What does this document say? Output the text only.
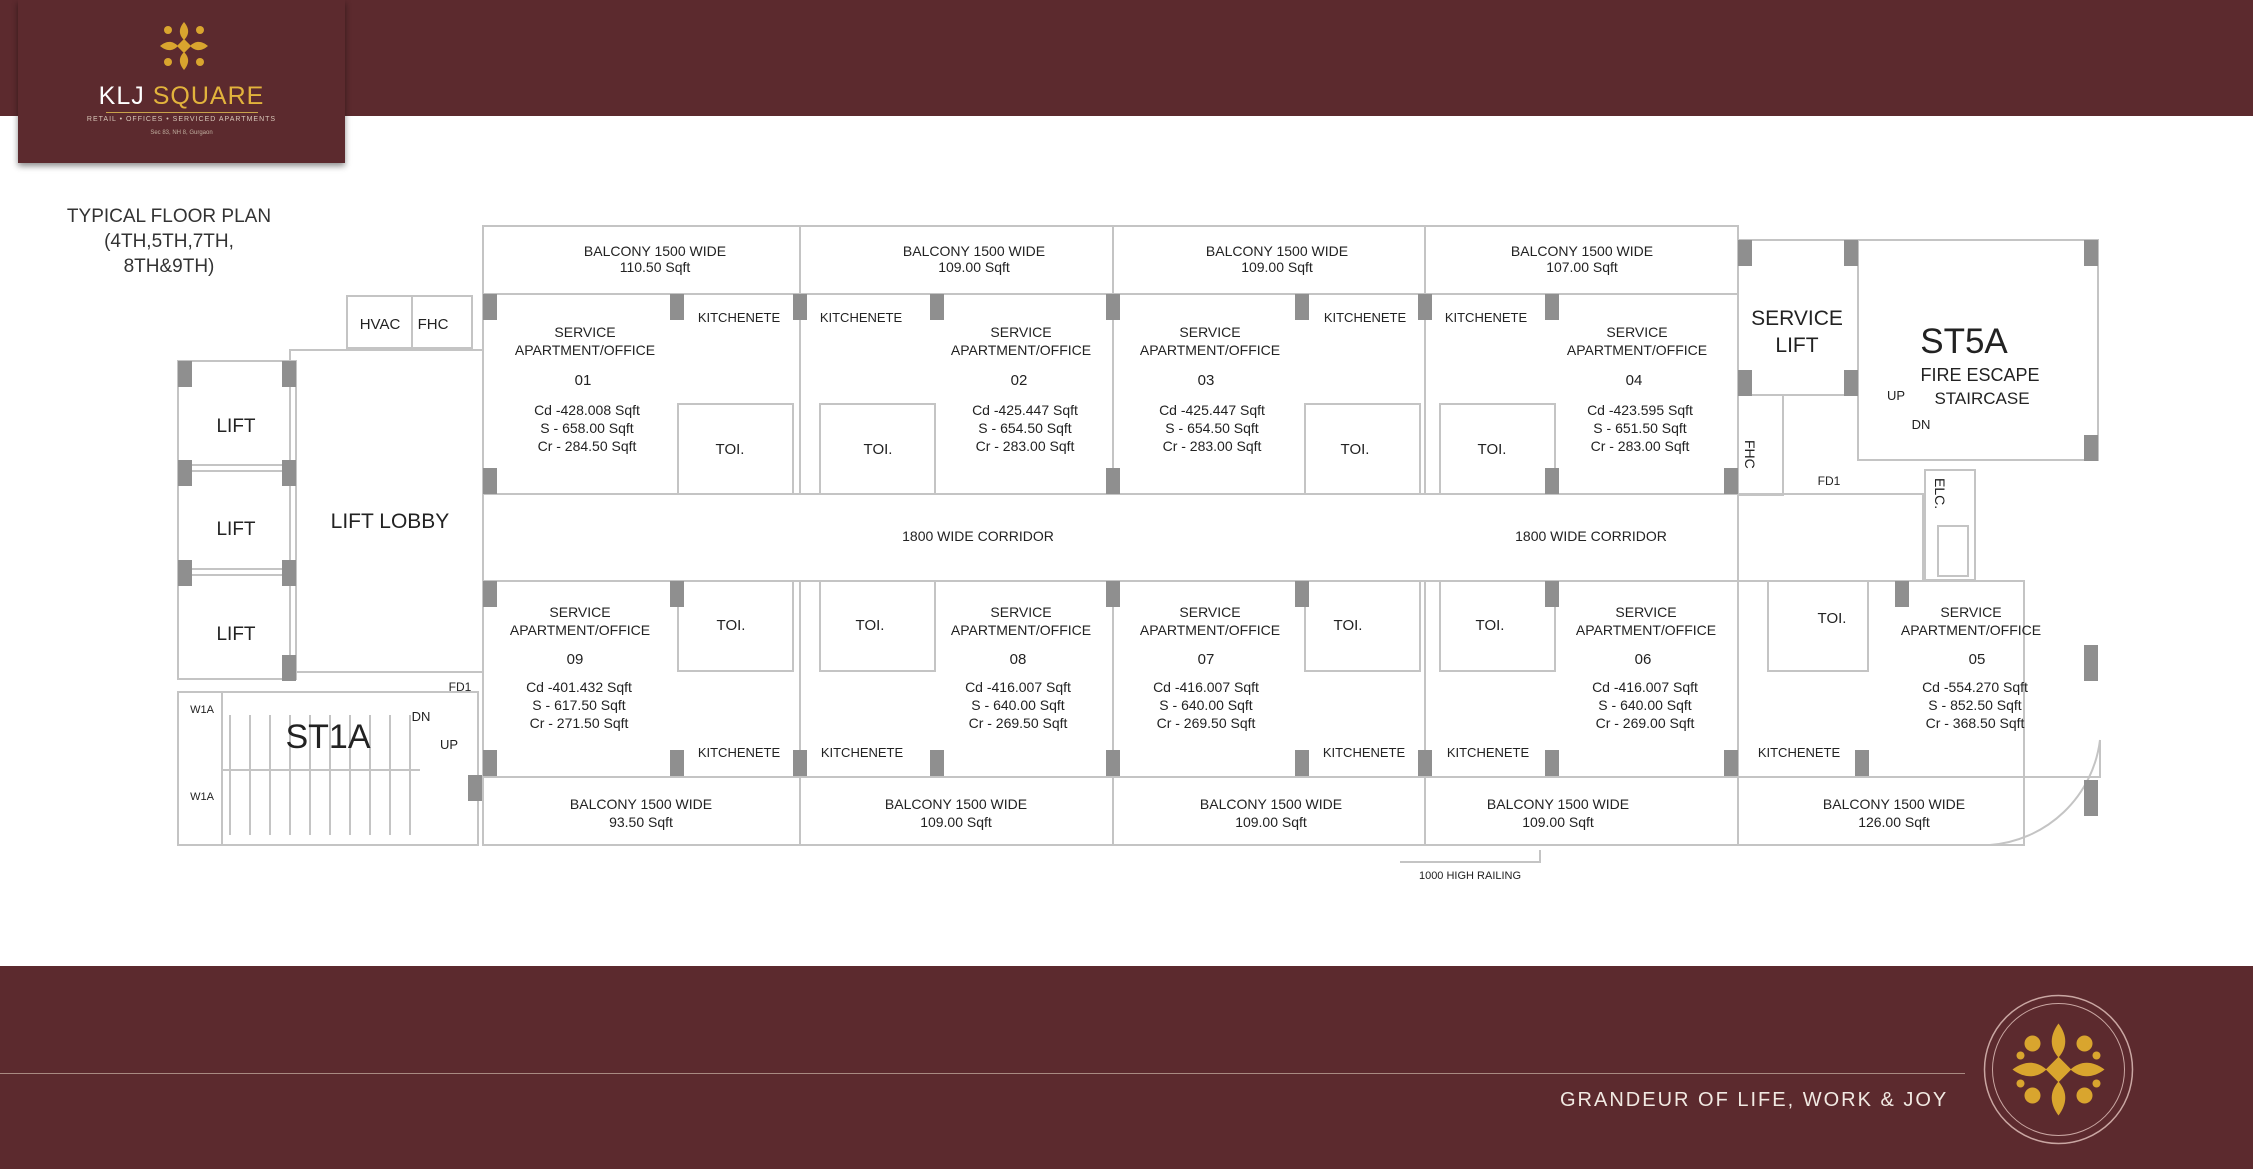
KLJ SQUARE
RETAIL • OFFICES • SERVICED APARTMENTS
Sec 83, NH 8, Gurgaon
TYPICAL FLOOR PLAN
(4TH,5TH,7TH, 8TH&9TH)
BALCONY 1500 WIDE
110.50 Sqft
BALCONY 1500 WIDE
109.00 Sqft
BALCONY 1500 WIDE
109.00 Sqft
BALCONY 1500 WIDE
107.00 Sqft
BALCONY 1500 WIDE
93.50 Sqft
BALCONY 1500 WIDE
109.00 Sqft
BALCONY 1500 WIDE
109.00 Sqft
BALCONY 1500 WIDE
109.00 Sqft
BALCONY 1500 WIDE
126.00 Sqft
SERVICE
APARTMENT/OFFICE
01
Cd -428.008 Sqft
S - 658.00 Sqft
Cr - 284.50 Sqft
SERVICE
APARTMENT/OFFICE
02
Cd -425.447 Sqft
S - 654.50 Sqft
Cr - 283.00 Sqft
SERVICE
APARTMENT/OFFICE
03
Cd -425.447 Sqft
S - 654.50 Sqft
Cr - 283.00 Sqft
SERVICE
APARTMENT/OFFICE
04
Cd -423.595 Sqft
S - 651.50 Sqft
Cr - 283.00 Sqft
SERVICE
APARTMENT/OFFICE
09
Cd -401.432 Sqft
S - 617.50 Sqft
Cr - 271.50 Sqft
SERVICE
APARTMENT/OFFICE
08
Cd -416.007 Sqft
S - 640.00 Sqft
Cr - 269.50 Sqft
SERVICE
APARTMENT/OFFICE
07
Cd -416.007 Sqft
S - 640.00 Sqft
Cr - 269.50 Sqft
SERVICE
APARTMENT/OFFICE
06
Cd -416.007 Sqft
S - 640.00 Sqft
Cr - 269.00 Sqft
SERVICE
APARTMENT/OFFICE
05
Cd -554.270 Sqft
S - 852.50 Sqft
Cr - 368.50 Sqft
KITCHENETE	KITCHENETE	KITCHENETE	KITCHENETE
KITCHENETE	KITCHENETE	KITCHENETE	KITCHENETE	KITCHENETE
TOI.	TOI.	TOI.	TOI.
TOI.	TOI.	TOI.	TOI.	TOI.
1800 WIDE CORRIDOR	1800 WIDE CORRIDOR
LIFT
LIFT
LIFT
LIFT LOBBY
HVAC FHC
ST1A
DN
UP
FD1
W1A
W1A
SERVICE
LIFT	ST5A
FIRE ESCAPE
STAIRCASE
UP
DN
FD1
FHC
ELC.
1000 HIGH RAILING
GRANDEUR OF LIFE, WORK & JOY
